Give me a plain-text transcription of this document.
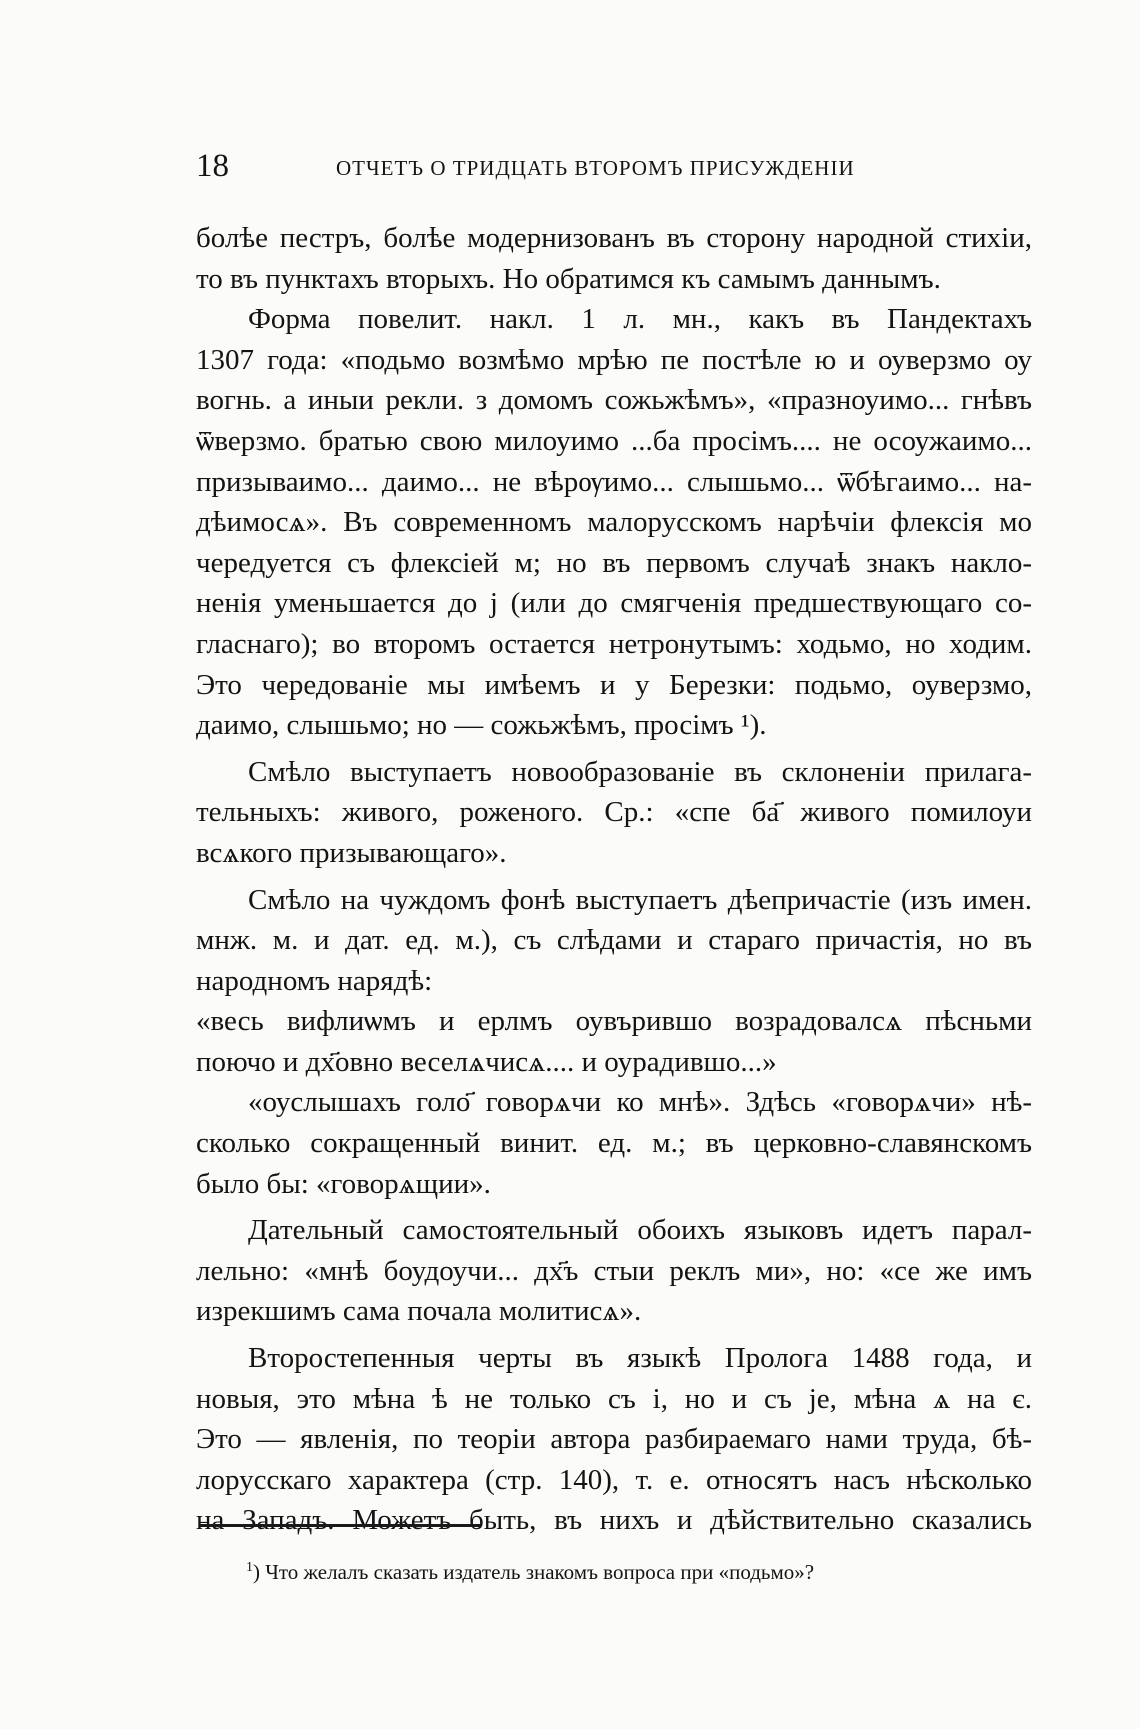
18	ОТЧЕТЪ О ТРИДЦАТЬ ВТОРОМЪ ПРИСУЖДЕНІИ
болѣе пестръ, болѣе модернизованъ въ сторону народной стихіи,
то въ пунктахъ вторыхъ. Но обратимся къ самымъ даннымъ.
Форма повелит. накл. 1 л. мн., какъ въ Пандектахъ
1307 года: «подьмо возмѣмо мрѣю пе постѣле ю и оуверзмо оу
вогнь. а иныи рекли. з домомъ сожьжѣмъ», «празноуимо... гнѣвъ
ѿверзмо. братью свою милоуимо ...ба просімъ.... не осоужаимо...
призываимо... даимо... не вѣрѹимо... слышьмо... ѿбѣгаимо... на-
дѣимосѧ». Въ современномъ малорусскомъ нарѣчіи флексія мо
чередуется съ флексіей м; но въ первомъ случаѣ знакъ накло-
ненія уменьшается до ј (или до смягченія предшествующаго со-
гласнаго); во второмъ остается нетронутымъ: ходьмо, но ходим.
Это чередованіе мы имѣемъ и у Березки: подьмо, оуверзмо,
даимо, слышьмо; но — сожьжѣмъ, просімъ ¹).
Смѣло выступаетъ новообразованіе въ склоненіи прилага-
тельныхъ: живого, роженого. Ср.: «спе ба҃ живого помилоуи
всѧкого призывающаго».
Смѣло на чуждомъ фонѣ выступаетъ дѣепричастіе (изъ имен.
мнж. м. и дат. ед. м.), съ слѣдами и стараго причастія, но въ
народномъ нарядѣ:
«весь вифлиѡмъ и ерлмъ оувърившо возрадовалсѧ пѣсньми
поючо и дх҃овно веселѧчисѧ.... и оурадившо...»
«оуслышахъ голо҃ говорѧчи ко мнѣ». Здѣсь «говорѧчи» нѣ-
сколько сокращенный винит. ед. м.; въ церковно-славянскомъ
было бы: «говорѧщии».
Дательный самостоятельный обоихъ языковъ идетъ парал-
лельно: «мнѣ боудоучи... дх҃ъ стыи реклъ ми», но: «се же имъ
изрекшимъ сама почала молитисѧ».
Второстепенныя черты въ языкѣ Пролога 1488 года, и
новыя, это мѣна ѣ не только съ і, но и съ је, мѣна ѧ на є.
Это — явленія, по теоріи автора разбираемаго нами труда, бѣ-
лорусскаго характера (стр. 140), т. е. относятъ насъ нѣсколько
на Западъ. Можетъ быть, въ нихъ и дѣйствительно сказались
$^1$) Что желалъ сказать издатель знакомъ вопроса при «подьмо»?
